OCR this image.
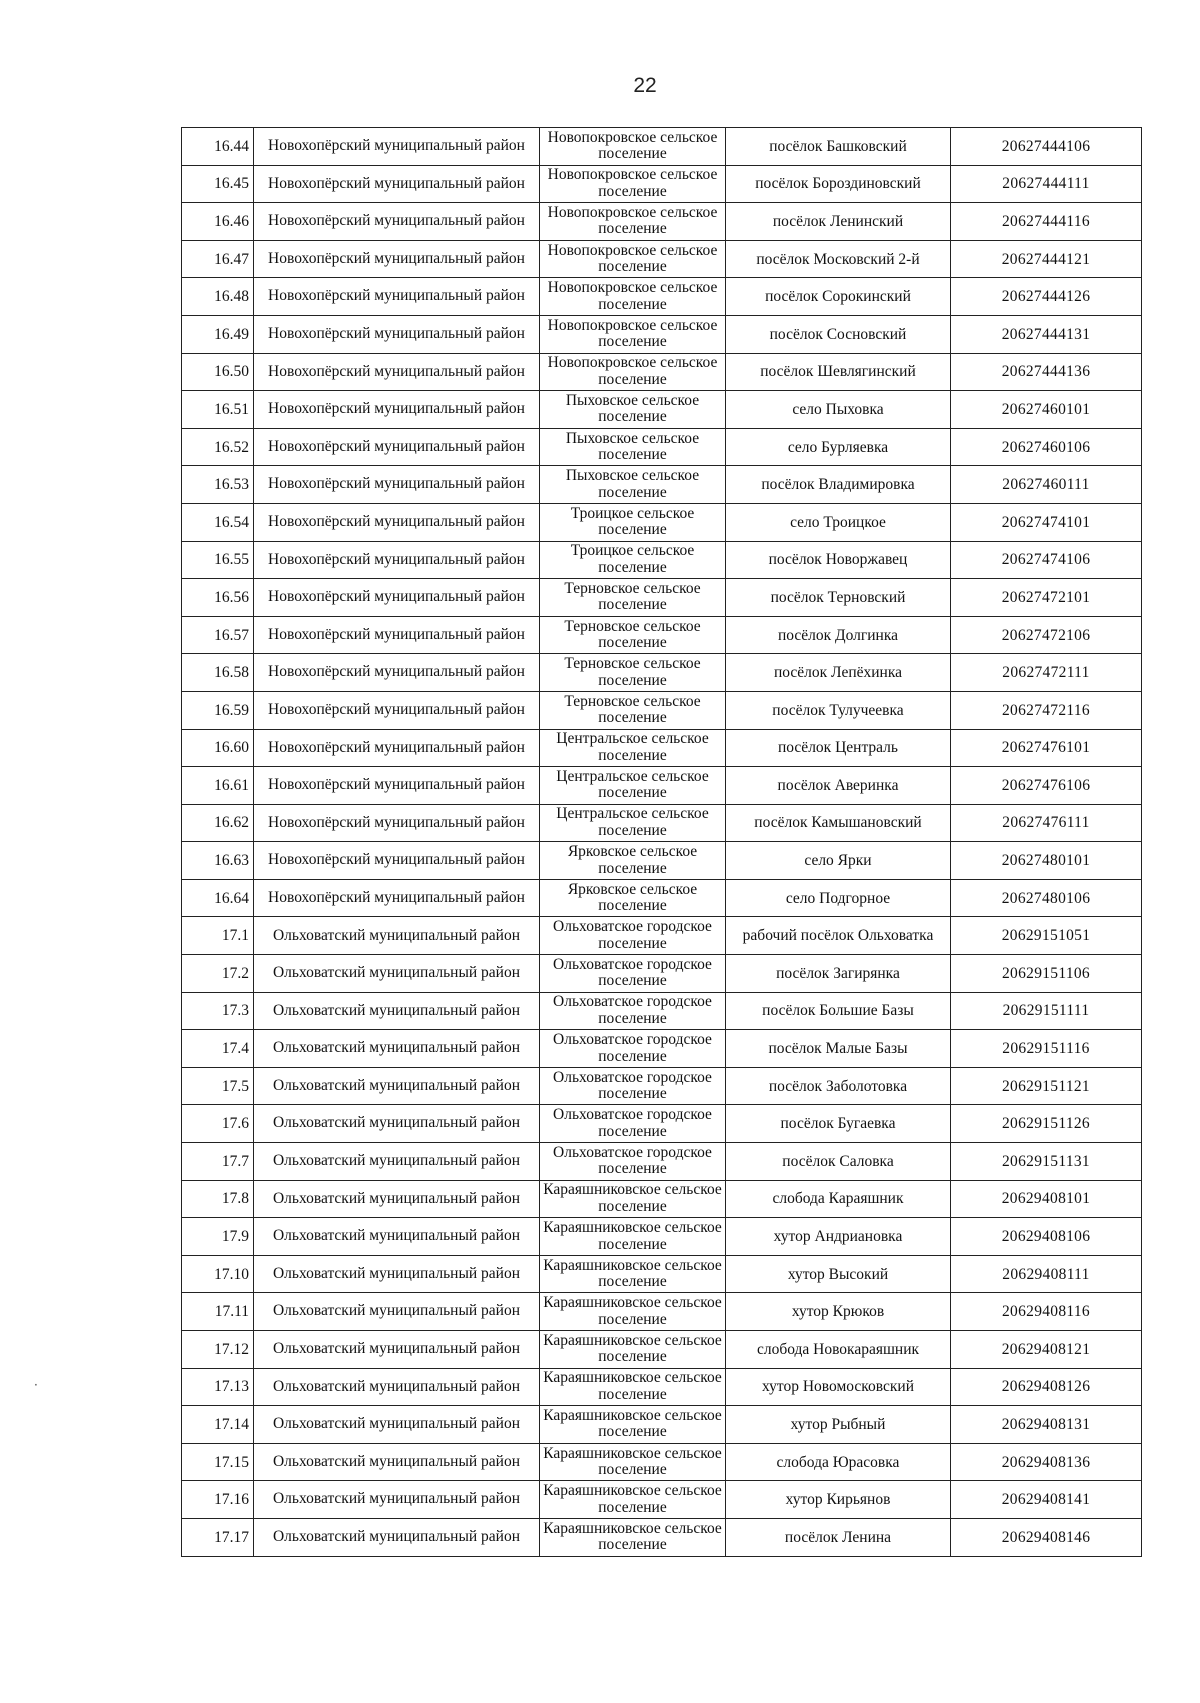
22
16.44	Новохопёрский муниципальный район	Новопокровское сельское поселение	посёлок Башковский	20627444106
16.45	Новохопёрский муниципальный район	Новопокровское сельское поселение	посёлок Бороздиновский	20627444111
16.46	Новохопёрский муниципальный район	Новопокровское сельское поселение	посёлок Ленинский	20627444116
16.47	Новохопёрский муниципальный район	Новопокровское сельское поселение	посёлок Московский 2-й	20627444121
16.48	Новохопёрский муниципальный район	Новопокровское сельское поселение	посёлок Сорокинский	20627444126
16.49	Новохопёрский муниципальный район	Новопокровское сельское поселение	посёлок Сосновский	20627444131
16.50	Новохопёрский муниципальный район	Новопокровское сельское поселение	посёлок Шевлягинский	20627444136
16.51	Новохопёрский муниципальный район	Пыховское сельское поселение	село Пыховка	20627460101
16.52	Новохопёрский муниципальный район	Пыховское сельское поселение	село Бурляевка	20627460106
16.53	Новохопёрский муниципальный район	Пыховское сельское поселение	посёлок Владимировка	20627460111
16.54	Новохопёрский муниципальный район	Троицкое сельское поселение	село Троицкое	20627474101
16.55	Новохопёрский муниципальный район	Троицкое сельское поселение	посёлок Новоржавец	20627474106
16.56	Новохопёрский муниципальный район	Терновское сельское поселение	посёлок Терновский	20627472101
16.57	Новохопёрский муниципальный район	Терновское сельское поселение	посёлок Долгинка	20627472106
16.58	Новохопёрский муниципальный район	Терновское сельское поселение	посёлок Лепёхинка	20627472111
16.59	Новохопёрский муниципальный район	Терновское сельское поселение	посёлок Тулучеевка	20627472116
16.60	Новохопёрский муниципальный район	Центральское сельское поселение	посёлок Централь	20627476101
16.61	Новохопёрский муниципальный район	Центральское сельское поселение	посёлок Аверинка	20627476106
16.62	Новохопёрский муниципальный район	Центральское сельское поселение	посёлок Камышановский	20627476111
16.63	Новохопёрский муниципальный район	Ярковское сельское поселение	село Ярки	20627480101
16.64	Новохопёрский муниципальный район	Ярковское сельское поселение	село Подгорное	20627480106
17.1	Ольховатский муниципальный район	Ольховатское городское поселение	рабочий посёлок Ольховатка	20629151051
17.2	Ольховатский муниципальный район	Ольховатское городское поселение	посёлок Загирянка	20629151106
17.3	Ольховатский муниципальный район	Ольховатское городское поселение	посёлок Большие Базы	20629151111
17.4	Ольховатский муниципальный район	Ольховатское городское поселение	посёлок Малые Базы	20629151116
17.5	Ольховатский муниципальный район	Ольховатское городское поселение	посёлок Заболотовка	20629151121
17.6	Ольховатский муниципальный район	Ольховатское городское поселение	посёлок Бугаевка	20629151126
17.7	Ольховатский муниципальный район	Ольховатское городское поселение	посёлок Саловка	20629151131
17.8	Ольховатский муниципальный район	Караяшниковское сельское поселение	слобода Караяшник	20629408101
17.9	Ольховатский муниципальный район	Караяшниковское сельское поселение	хутор Андриановка	20629408106
17.10	Ольховатский муниципальный район	Караяшниковское сельское поселение	хутор Высокий	20629408111
17.11	Ольховатский муниципальный район	Караяшниковское сельское поселение	хутор Крюков	20629408116
17.12	Ольховатский муниципальный район	Караяшниковское сельское поселение	слобода Новокараяшник	20629408121
17.13	Ольховатский муниципальный район	Караяшниковское сельское поселение	хутор Новомосковский	20629408126
17.14	Ольховатский муниципальный район	Караяшниковское сельское поселение	хутор Рыбный	20629408131
17.15	Ольховатский муниципальный район	Караяшниковское сельское поселение	слобода Юрасовка	20629408136
17.16	Ольховатский муниципальный район	Караяшниковское сельское поселение	хутор Кирьянов	20629408141
17.17	Ольховатский муниципальный район	Караяшниковское сельское поселение	посёлок Ленина	20629408146
·
